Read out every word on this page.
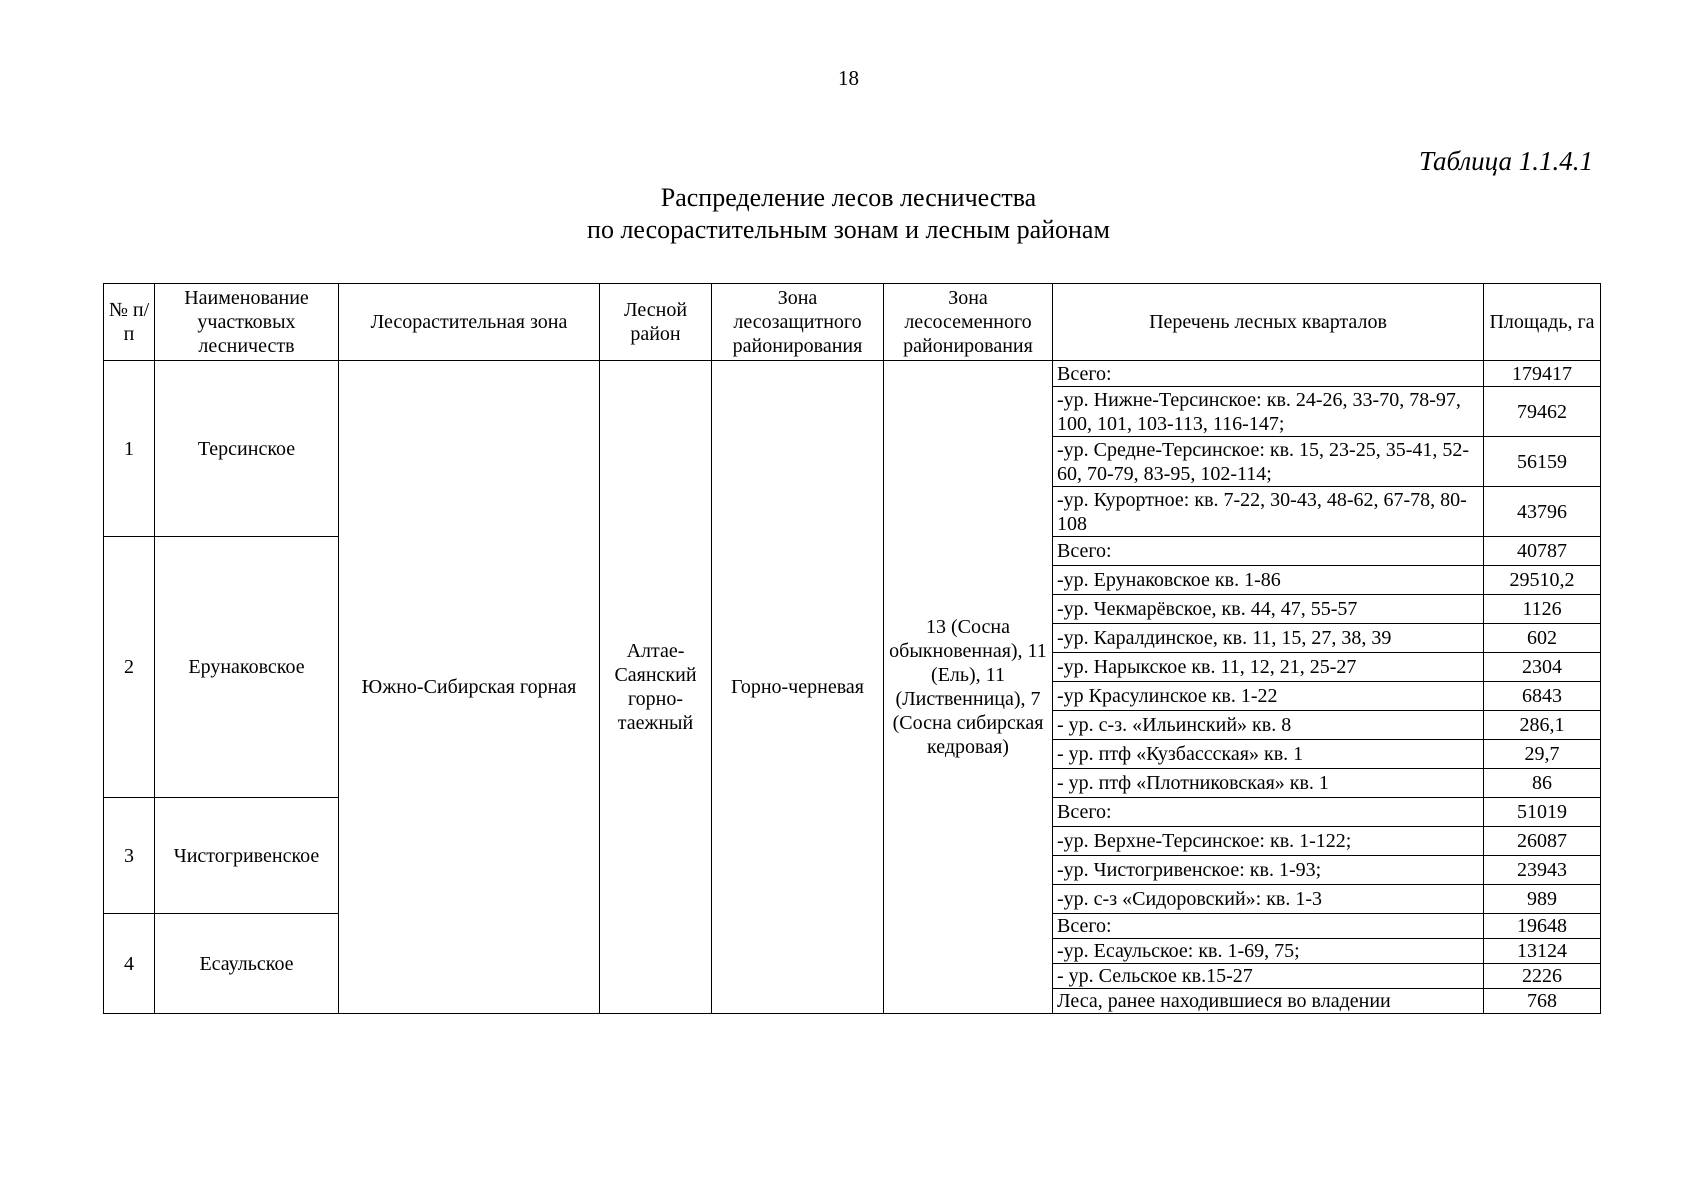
18
Таблица 1.1.4.1
Распределение лесов лесничества
по лесорастительным зонам и лесным районам
№ п/п	Наименование участковых лесничеств	Лесорастительная зона	Лесной район	Зона лесозащитного районирования	Зона лесосеменного районирования	Перечень лесных кварталов	Площадь, га
1	Терсинское	Южно-Сибирская горная	Алтае-Саянский горно-таежный	Горно-черневая	13 (Сосна обыкновенная), 11 (Ель), 11 (Лиственница), 7 (Сосна сибирская кедровая)	Всего:	179417
						-ур. Нижне-Терсинское: кв. 24-26, 33-70, 78-97, 100, 101, 103-113, 116-147;	79462
						-ур. Средне-Терсинское: кв. 15, 23-25, 35-41, 52-60, 70-79, 83-95, 102-114;	56159
						-ур. Курортное: кв. 7-22, 30-43, 48-62, 67-78, 80-108	43796
2	Ерунаковское					Всего:	40787
						-ур. Ерунаковское кв. 1-86	29510,2
						-ур. Чекмарёвское, кв. 44, 47, 55-57	1126
						-ур. Каралдинское, кв. 11, 15, 27, 38, 39	602
						-ур. Нарыкское кв. 11, 12, 21, 25-27	2304
						-ур Красулинское кв. 1-22	6843
						- ур. с-з. «Ильинский» кв. 8	286,1
						- ур. птф «Кузбассская» кв. 1	29,7
						- ур. птф «Плотниковская» кв. 1	86
3	Чистогривенское					Всего:	51019
						-ур. Верхне-Терсинское: кв. 1-122;	26087
						-ур. Чистогривенское: кв. 1-93;	23943
						-ур. с-з «Сидоровский»: кв. 1-3	989
4	Есаульское					Всего:	19648
						-ур. Есаульское: кв. 1-69, 75;	13124
						- ур. Сельское кв.15-27	2226
						Леса, ранее находившиеся во владении	768
